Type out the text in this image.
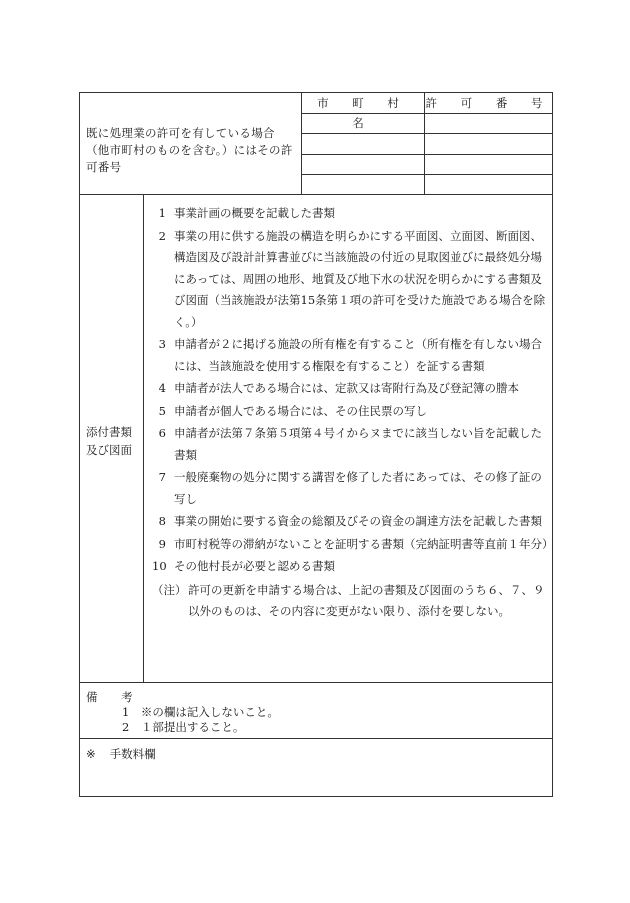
既に処理業の許可を有している場合（他市町村のものを含む。）にはその許可番号
市 町 村 名
許 可 番 号
添付書類及び図面
1 事業計画の概要を記載した書類
2 事業の用に供する施設の構造を明らかにする平面図、立面図、断面図、構造図及び設計計算書並びに当該施設の付近の見取図並びに最終処分場にあっては、周囲の地形、地質及び地下水の状況を明らかにする書類及び図面（当該施設が法第15条第１項の許可を受けた施設である場合を除く。）
3 申請者が２に掲げる施設の所有権を有すること（所有権を有しない場合には、当該施設を使用する権限を有すること）を証する書類
4 申請者が法人である場合には、定款又は寄附行為及び登記簿の謄本
5 申請者が個人である場合には、その住民票の写し
6 申請者が法第７条第５項第４号イからヌまでに該当しない旨を記載した書類
7 一般廃棄物の処分に関する講習を修了した者にあっては、その修了証の写し
8 事業の開始に要する資金の総額及びその資金の調達方法を記載した書類
9 市町村税等の滞納がないことを証明する書類（完納証明書等直前１年分）
10 その他村長が必要と認める書類
（注） 許可の更新を申請する場合は、上記の書類及び図面のうち６、７、９以外のものは、その内容に変更がない限り、添付を要しない。
備 考
1　※の欄は記入しないこと。
2　１部提出すること。
※ 手数料欄
